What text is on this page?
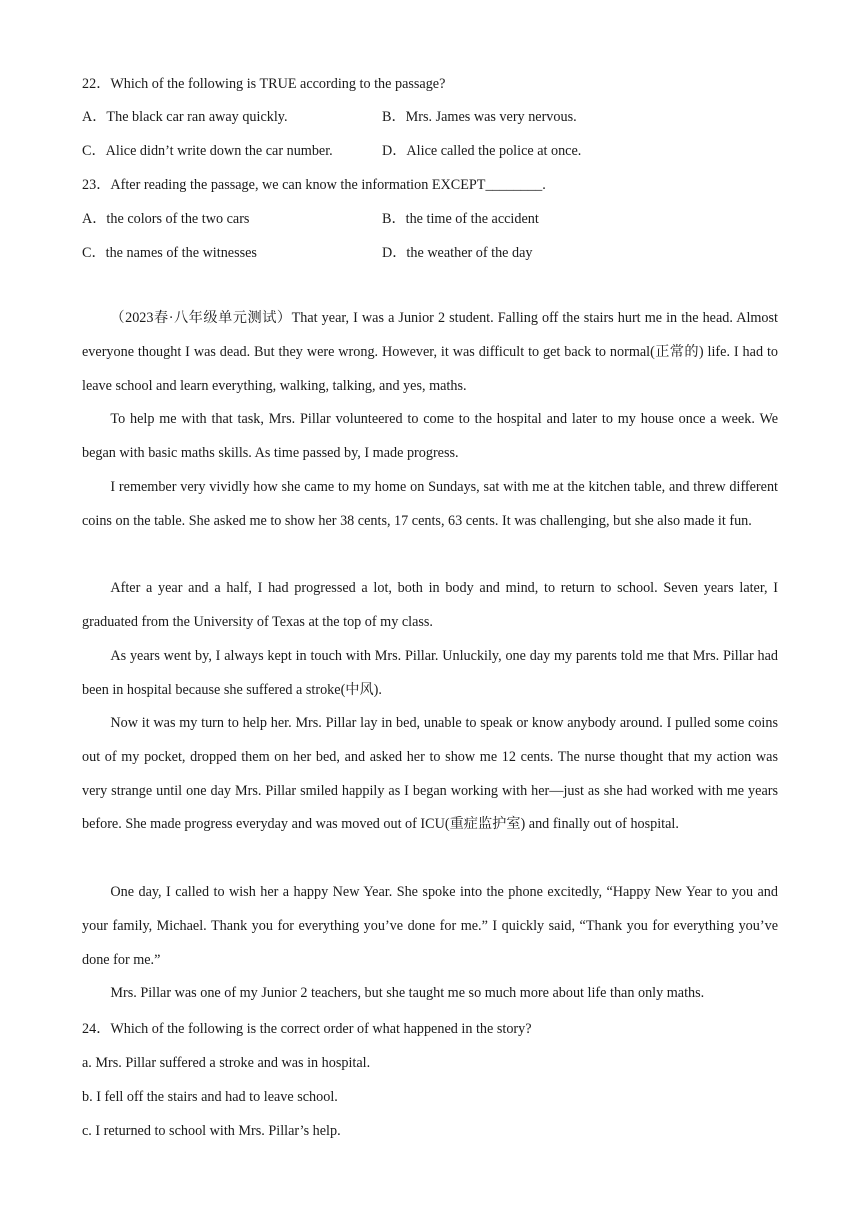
22．Which of the following is TRUE according to the passage?
A．The black car ran away quickly.	B．Mrs. James was very nervous.
C．Alice didn’t write down the car number.	D．Alice called the police at once.
23．After reading the passage, we can know the information EXCEPT________.
A．the colors of the two cars	B．the time of the accident
C．the names of the witnesses	D．the weather of the day

（2023春·八年级单元测试）That year, I was a Junior 2 student. Falling off the stairs hurt me in the head. Almost everyone thought I was dead. But they were wrong. However, it was difficult to get back to normal(正常的) life. I had to leave school and learn everything, walking, talking, and yes, maths.

To help me with that task, Mrs. Pillar volunteered to come to the hospital and later to my house once a week. We began with basic maths skills. As time passed by, I made progress.

I remember very vividly how she came to my home on Sundays, sat with me at the kitchen table, and threw different coins on the table. She asked me to show her 38 cents, 17 cents, 63 cents. It was challenging, but she also made it fun.

After a year and a half, I had progressed a lot, both in body and mind, to return to school. Seven years later, I graduated from the University of Texas at the top of my class.

As years went by, I always kept in touch with Mrs. Pillar. Unluckily, one day my parents told me that Mrs. Pillar had been in hospital because she suffered a stroke(中风).

Now it was my turn to help her. Mrs. Pillar lay in bed, unable to speak or know anybody around. I pulled some coins out of my pocket, dropped them on her bed, and asked her to show me 12 cents. The nurse thought that my action was very strange until one day Mrs. Pillar smiled happily as I began working with her—just as she had worked with me years before. She made progress everyday and was moved out of ICU(重症监护室) and finally out of hospital.

One day, I called to wish her a happy New Year. She spoke into the phone excitedly, “Happy New Year to you and your family, Michael. Thank you for everything you’ve done for me.” I quickly said, “Thank you for everything you’ve done for me.”

Mrs. Pillar was one of my Junior 2 teachers, but she taught me so much more about life than only maths.

24．Which of the following is the correct order of what happened in the story?
a. Mrs. Pillar suffered a stroke and was in hospital.
b. I fell off the stairs and had to leave school.
c. I returned to school with Mrs. Pillar’s help.
